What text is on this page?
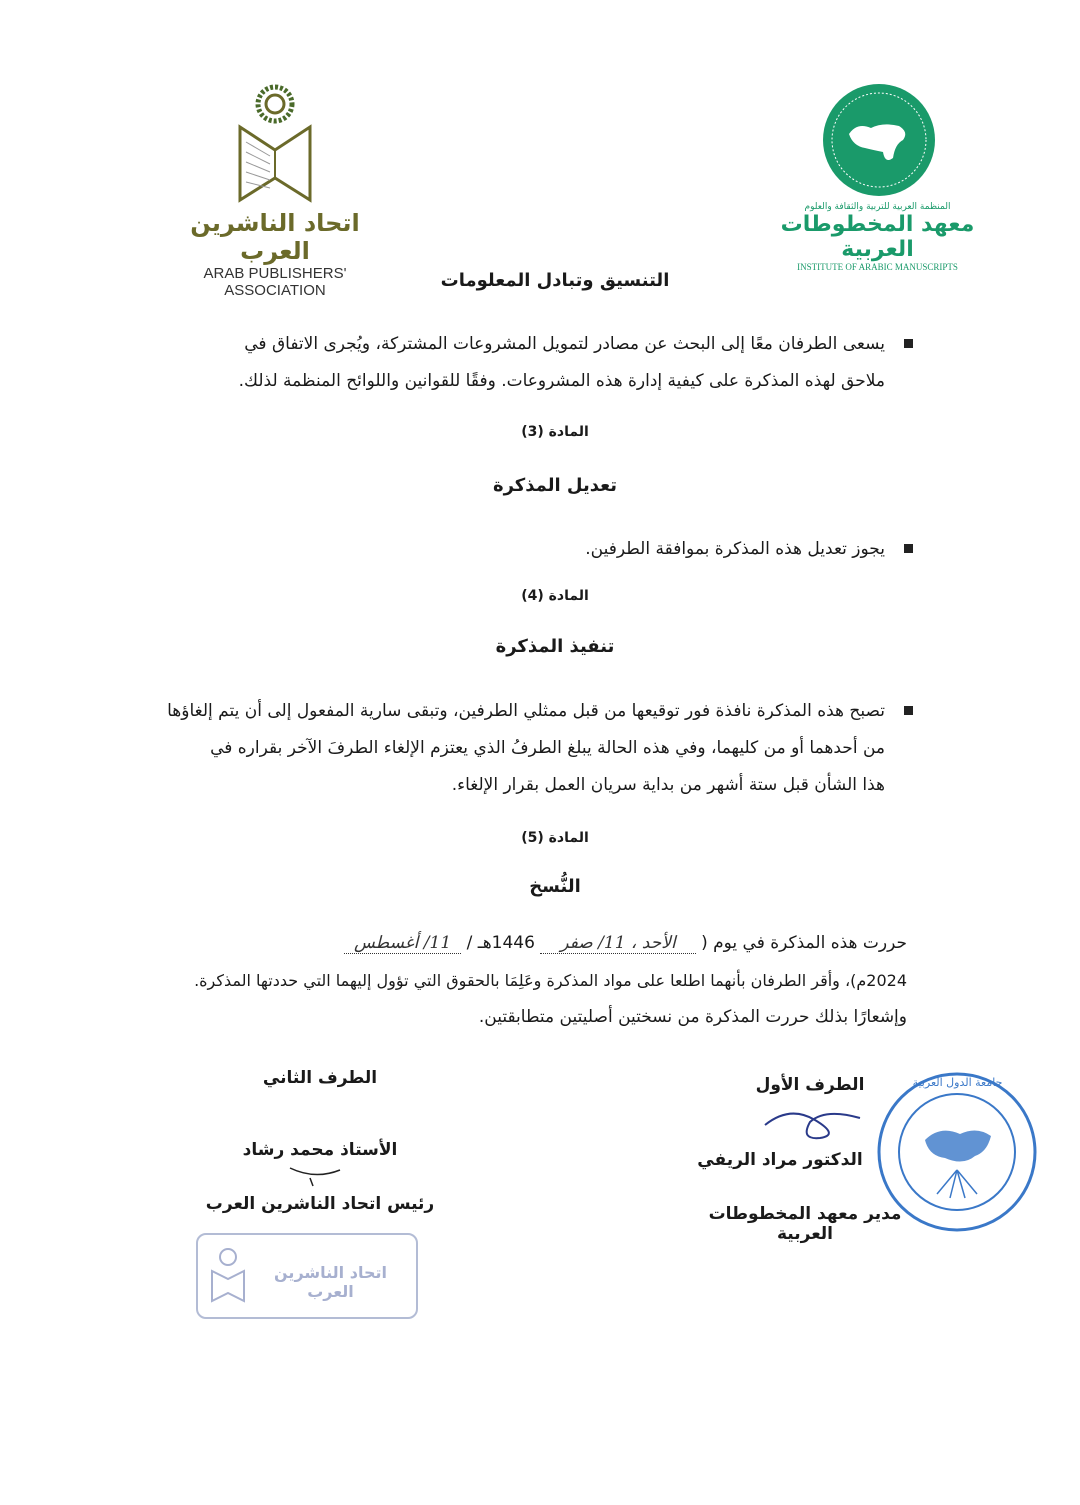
اتحاد الناشرين العرب
ARAB PUBLISHERS' ASSOCIATION
المنظمة العربية للتربية والثقافة والعلوم
معهد المخطوطات العربية
INSTITUTE OF ARABIC MANUSCRIPTS
التنسيق وتبادل المعلومات
يسعى الطرفان معًا إلى البحث عن مصادر لتمويل المشروعات المشتركة، ويُجرى الاتفاق في
ملاحق لهذه المذكرة على كيفية إدارة هذه المشروعات. وفقًا للقوانين واللوائح المنظمة لذلك.
المادة (3)
تعديل المذكرة
يجوز تعديل هذه المذكرة بموافقة الطرفين.
المادة (4)
تنفيذ المذكرة
تصبح هذه المذكرة نافذة فور توقيعها من قبل ممثلي الطرفين، وتبقى سارية المفعول إلى أن يتم إلغاؤها
من أحدهما أو من كليهما، وفي هذه الحالة يبلغ الطرفُ الذي يعتزم الإلغاء الطرفَ الآخر بقراره في
هذا الشأن قبل ستة أشهر من بداية سريان العمل بقرار الإلغاء.
المادة (5)
النُّسخ
حررت هذه المذكرة في يوم ( الأحد ، 11/ صفر 1446هـ / 11/ أغسطس
2024م)، وأقر الطرفان بأنهما اطلعا على مواد المذكرة وعَلِمَا بالحقوق التي تؤول إليهما التي حددتها المذكرة.
وإشعارًا بذلك حررت المذكرة من نسختين أصليتين متطابقتين.
الطرف الأول
الدكتور مراد الريفي
مدير معهد المخطوطات العربية
جامعة الدول العربية
الطرف الثاني
الأستاذ محمد رشاد
رئيس اتحاد الناشرين العرب
اتحاد الناشرين العرب
